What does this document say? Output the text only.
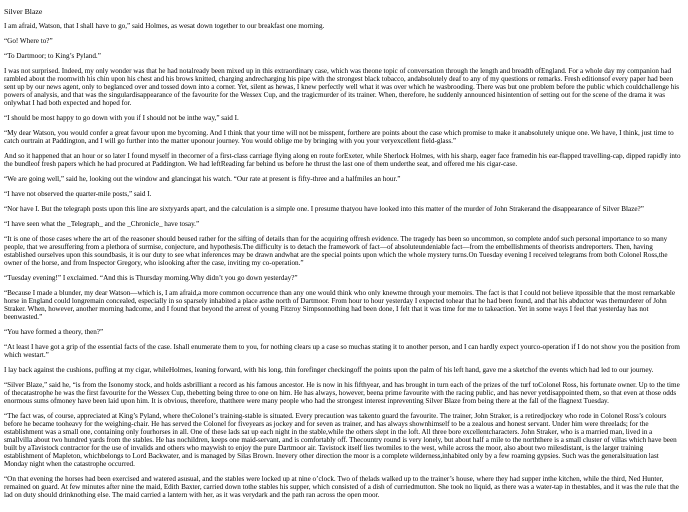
Silver Blaze

I am afraid, Watson, that I shall have to go,” said Holmes, as wesat down together to our breakfast one morning.

“Go! Where to?”

“To Dartmoor; to King’s Pyland.”

I was not surprised. Indeed, my only wonder was that he had notalready been mixed up in this extraordinary case, which was theone topic of conversation through the length and breadth ofEngland. For a whole day my companion had rambled about the roomwith his chin upon his chest and his brows knitted, charging andrecharging his pipe with the strongest black tobacco, andabsolutely deaf to any of my questions or remarks. Fresh editionsof every paper had been sent up by our news agent, only to beglanced over and tossed down into a corner. Yet, silent as hewas, I knew perfectly well what it was over which he wasbrooding. There was but one problem before the public which couldchallenge his powers of analysis, and that was the singulardisappearance of the favourite for the Wessex Cup, and the tragicmurder of its trainer. When, therefore, he suddenly announced hisintention of setting out for the scene of the drama it was onlywhat I had both expected and hoped for.

“I should be most happy to go down with you if I should not be inthe way,” said I.

“My dear Watson, you would confer a great favour upon me bycoming. And I think that your time will not be misspent, forthere are points about the case which promise to make it anabsolutely unique one. We have, I think, just time to catch ourtrain at Paddington, and I will go further into the matter uponour journey. You would oblige me by bringing with you your veryexcellent field-glass.”

And so it happened that an hour or so later I found myself in thecorner of a first-class carriage flying along en route forExeter, while Sherlock Holmes, with his sharp, eager face framedin his ear-flapped travelling-cap, dipped rapidly into the bundleof fresh papers which he had procured at Paddington. We had leftReading far behind us before he thrust the last one of them underthe seat, and offered me his cigar-case.

“We are going well,” said he, looking out the window and glancingat his watch. “Our rate at present is fifty-three and a halfmiles an hour.”

“I have not observed the quarter-mile posts,” said I.

“Nor have I. But the telegraph posts upon this line are sixtyyards apart, and the calculation is a simple one. I presume thatyou have looked into this matter of the murder of John Strakerand the disappearance of Silver Blaze?”

“I have seen what the _Telegraph_ and the _Chronicle_ have tosay.”

“It is one of those cases where the art of the reasoner should beused rather for the sifting of details than for the acquiring offresh evidence. The tragedy has been so uncommon, so complete andof such personal importance to so many people, that we aresuffering from a plethora of surmise, conjecture, and hypothesis.The difficulty is to detach the framework of fact—of absoluteundeniable fact—from the embellishments of theorists andreporters. Then, having established ourselves upon this soundbasis, it is our duty to see what inferences may be drawn andwhat are the special points upon which the whole mystery turns.On Tuesday evening I received telegrams from both Colonel Ross,the owner of the horse, and from Inspector Gregory, who islooking after the case, inviting my co-operation.”

“Tuesday evening!” I exclaimed. “And this is Thursday morning.Why didn’t you go down yesterday?”

“Because I made a blunder, my dear Watson—which is, I am afraid,a more common occurrence than any one would think who only knewme through your memoirs. The fact is that I could not believe itpossible that the most remarkable horse in England could longremain concealed, especially in so sparsely inhabited a place asthe north of Dartmoor. From hour to hour yesterday I expected tohear that he had been found, and that his abductor was themurderer of John Straker. When, however, another morning hadcome, and I found that beyond the arrest of young Fitzroy Simpsonnothing had been done, I felt that it was time for me to takeaction. Yet in some ways I feel that yesterday has not beenwasted.”

“You have formed a theory, then?”

“At least I have got a grip of the essential facts of the case. Ishall enumerate them to you, for nothing clears up a case so muchas stating it to another person, and I can hardly expect yourco-operation if I do not show you the position from which westart.”

I lay back against the cushions, puffing at my cigar, whileHolmes, leaning forward, with his long, thin forefinger checkingoff the points upon the palm of his left hand, gave me a sketchof the events which had led to our journey.

“Silver Blaze,” said he, “is from the Isonomy stock, and holds asbrilliant a record as his famous ancestor. He is now in his fifthyear, and has brought in turn each of the prizes of the turf toColonel Ross, his fortunate owner. Up to the time of thecatastrophe he was the first favourite for the Wessex Cup, thebetting being three to one on him. He has always, however, beena prime favourite with the racing public, and has never yetdisappointed them, so that even at those odds enormous sums ofmoney have been laid upon him. It is obvious, therefore, thatthere were many people who had the strongest interest inpreventing Silver Blaze from being there at the fall of the flagnext Tuesday.

“The fact was, of course, appreciated at King’s Pyland, where theColonel’s training-stable is situated. Every precaution was takento guard the favourite. The trainer, John Straker, is a retiredjockey who rode in Colonel Ross’s colours before he became tooheavy for the weighing-chair. He has served the Colonel for fiveyears as jockey and for seven as trainer, and has always shownhimself to be a zealous and honest servant. Under him were threelads; for the establishment was a small one, containing only fourhorses in all. One of these lads sat up each night in the stable,while the others slept in the loft. All three bore excellentcharacters. John Straker, who is a married man, lived in a smallvilla about two hundred yards from the stables. He has nochildren, keeps one maid-servant, and is comfortably off. Thecountry round is very lonely, but about half a mile to the norththere is a small cluster of villas which have been built by aTavistock contractor for the use of invalids and others who maywish to enjoy the pure Dartmoor air. Tavistock itself lies twomiles to the west, while across the moor, also about two milesdistant, is the larger training establishment of Mapleton, whichbelongs to Lord Backwater, and is managed by Silas Brown. Inevery other direction the moor is a complete wilderness,inhabited only by a few roaming gypsies. Such was the generalsituation last Monday night when the catastrophe occurred.

“On that evening the horses had been exercised and watered asusual, and the stables were locked up at nine o’clock. Two of thelads walked up to the trainer’s house, where they had supper inthe kitchen, while the third, Ned Hunter, remained on guard. At few minutes after nine the maid, Edith Baxter, carried down tothe stables his supper, which consisted of a dish of curriedmutton. She took no liquid, as there was a water-tap in thestables, and it was the rule that the lad on duty should drinknothing else. The maid carried a lantern with her, as it was verydark and the path ran across the open moor.
